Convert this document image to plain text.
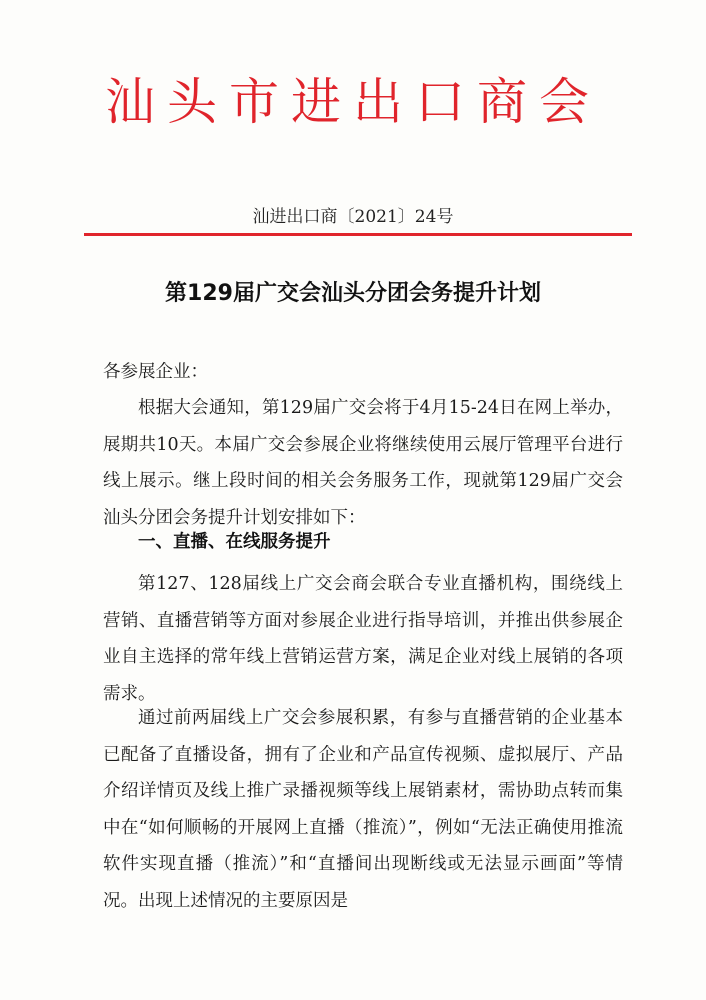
汕头市进出口商会
汕进出口商〔2021〕24号
第129届广交会汕头分团会务提升计划
各参展企业：
根据大会通知，第129届广交会将于4月15-24日在网上举办，展期共10天。本届广交会参展企业将继续使用云展厅管理平台进行线上展示。继上段时间的相关会务服务工作，现就第129届广交会汕头分团会务提升计划安排如下：
一、直播、在线服务提升
第127、128届线上广交会商会联合专业直播机构，围绕线上营销、直播营销等方面对参展企业进行指导培训，并推出供参展企业自主选择的常年线上营销运营方案，满足企业对线上展销的各项需求。
通过前两届线上广交会参展积累，有参与直播营销的企业基本已配备了直播设备，拥有了企业和产品宣传视频、虚拟展厅、产品介绍详情页及线上推广录播视频等线上展销素材，需协助点转而集中在“如何顺畅的开展网上直播（推流）”，例如“无法正确使用推流软件实现直播（推流）”和“直播间出现断线或无法显示画面”等情况。出现上述情况的主要原因是
